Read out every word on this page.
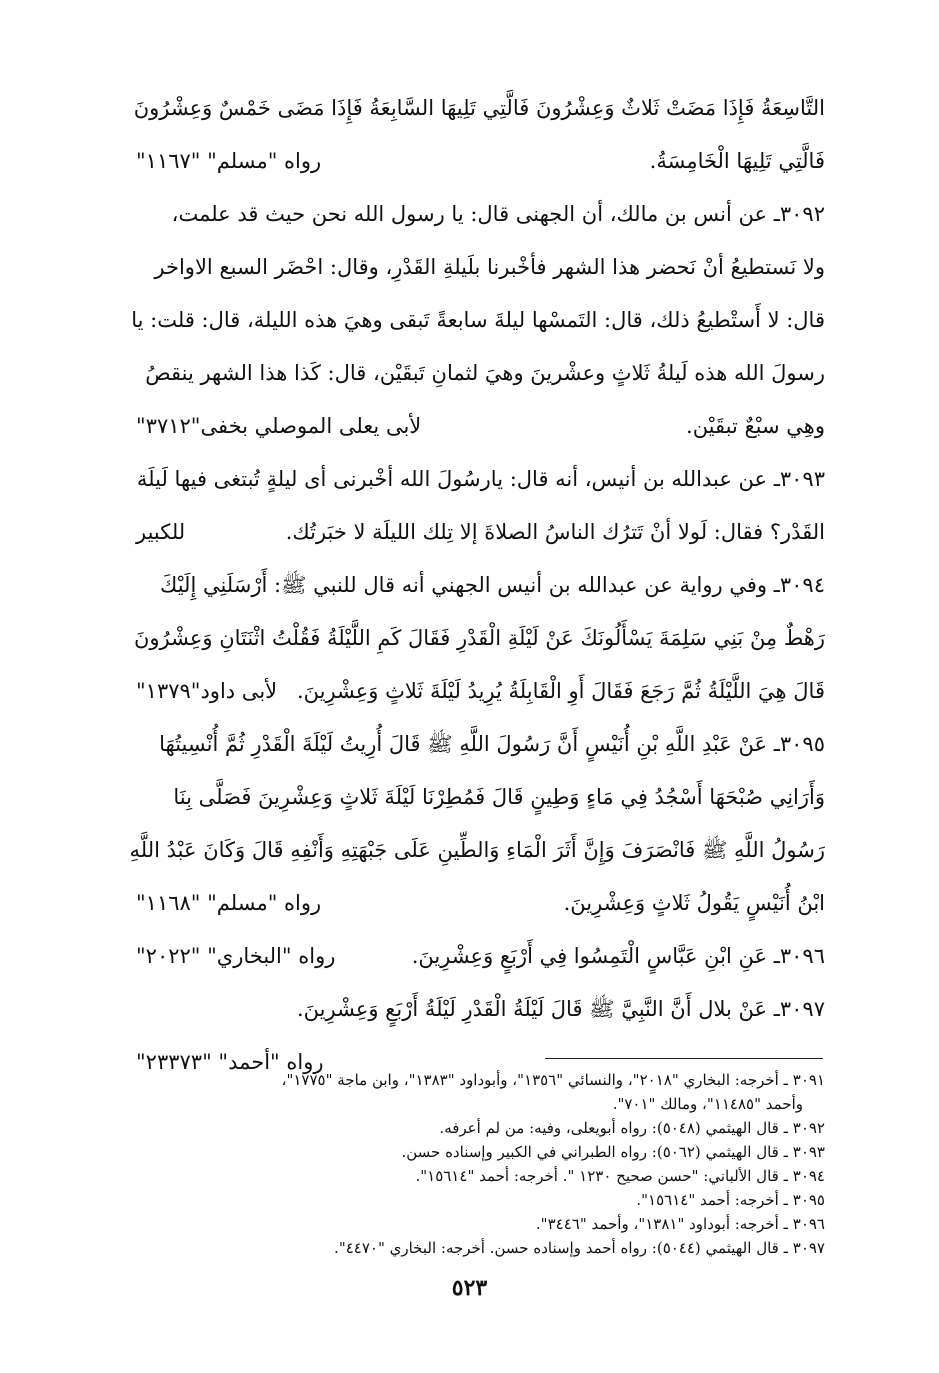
التَّاسِعَةُ فَإِذَا مَضَتْ ثَلاثٌ وَعِشْرُونَ فَالَّتِي تَلِيهَا السَّابِعَةُ فَإِذَا مَضَى خَمْسٌ وَعِشْرُونَ
فَالَّتِي تَلِيهَا الْخَامِسَةُ.
رواه "مسلم" "١١٦٧"
٣٠٩٢ـ عن أنس بن مالك، أن الجهنى قال: يا رسول الله نحن حيث قد علمت،
ولا نَستطيعُ أنْ نَحضر هذا الشهر فأخْبرنا بلَيلةِ القَدْرِ، وقال: احْضَر السبع الاواخر
قال: لا أَستْطيعُ ذلك، قال: التَمسْها ليلةَ سابعةً تَبقى وهيَ هذه الليلة، قال: قلت: يا
رسولَ الله هذه لَيلةُ ثَلاثٍ وعشْرينَ وهيَ لثمانِ تَبقَيْن، قال: كَذا هذا الشهر ينقصُ
وهِي سبْعٌ تبقَيْن.
لأبى يعلى الموصلي بخفى"٣٧١٢"
٣٠٩٣ـ عن عبدالله بن أنيس، أنه قال: يارسُولَ الله أخْبرنى أى ليلةٍ تُبتغى فيها لَيلَة
القَدْر؟ فقال: لَولا أنْ تَترُك الناسُ الصلاةَ إلا تِلك الليلَة لا خبَرتُك.
للكبير
٣٠٩٤ـ وفي رواية عن عبدالله بن أنيس الجهني أنه قال للنبي ﷺ: أَرْسَلَنِي إِلَيْكَ
رَهْطٌ مِنْ بَنِي سَلِمَةَ يَسْأَلُونَكَ عَنْ لَيْلَةِ الْقَدْرِ فَقَالَ كَمِ اللَّيْلَةُ فَقُلْتُ اثْنَتَانِ وَعِشْرُونَ
قَالَ هِيَ اللَّيْلَةُ ثُمَّ رَجَعَ فَقَالَ أَوِ الْقَابِلَةُ يُرِيدُ لَيْلَةَ ثَلاثٍ وَعِشْرِينَ.
لأبى داود"١٣٧٩"
٣٠٩٥ـ عَنْ عَبْدِ اللَّهِ بْنِ أُنَيْسٍ أَنَّ رَسُولَ اللَّهِ ﷺ قَالَ أُرِيتُ لَيْلَةَ الْقَدْرِ ثُمَّ أُنْسِيتُهَا
وَأَرَانِي صُبْحَهَا أَسْجُدُ فِي مَاءٍ وَطِينٍ قَالَ فَمُطِرْنَا لَيْلَةَ ثَلاثٍ وَعِشْرِينَ فَصَلَّى بِنَا
رَسُولُ اللَّهِ ﷺ فَانْصَرَفَ وَإِنَّ أَثَرَ الْمَاءِ وَالطِّينِ عَلَى جَبْهَتِهِ وَأَنْفِهِ قَالَ وَكَانَ عَبْدُ اللَّهِ
ابْنُ أُنَيْسٍ يَقُولُ ثَلاثٍ وَعِشْرِينَ.
رواه "مسلم" "١١٦٨"
٣٠٩٦ـ عَنِ ابْنِ عَبَّاسٍ الْتَمِسُوا فِي أَرْبَعٍ وَعِشْرِينَ.
رواه "البخاري" "٢٠٢٢"
٣٠٩٧ـ عَنْ بلال أَنَّ النَّبِيَّ ﷺ قَالَ لَيْلَةُ الْقَدْرِ لَيْلَةُ أَرْبَعٍ وَعِشْرِينَ.
رواه "أحمد" "٢٣٣٧٣"
٣٠٩١ ـ أخرجه: البخاري "٢٠١٨"، والنسائي "١٣٥٦"، وأبوداود "١٣٨٣"، وابن ماجة "١٧٧٥"،
وأحمد "١١٤٨٥"، ومالك "٧٠١".
٣٠٩٢ ـ قال الهيثمي (٥٠٤٨): رواه أبويعلى، وفيه: من لم أعرفه.
٣٠٩٣ ـ قال الهيثمي (٥٠٦٢): رواه الطبراني في الكبير وإسناده حسن.
٣٠٩٤ ـ قال الألباني: "حسن صحيح ١٢٣٠ ". أخرجه: أحمد "١٥٦١٤".
٣٠٩٥ ـ أخرجه: أحمد "١٥٦١٤".
٣٠٩٦ ـ أخرجه: أبوداود "١٣٨١"، وأحمد "٣٤٤٦".
٣٠٩٧ ـ قال الهيثمي (٥٠٤٤): رواه أحمد وإسناده حسن. أخرجه: البخاري "٤٤٧٠".
٥٢٣
